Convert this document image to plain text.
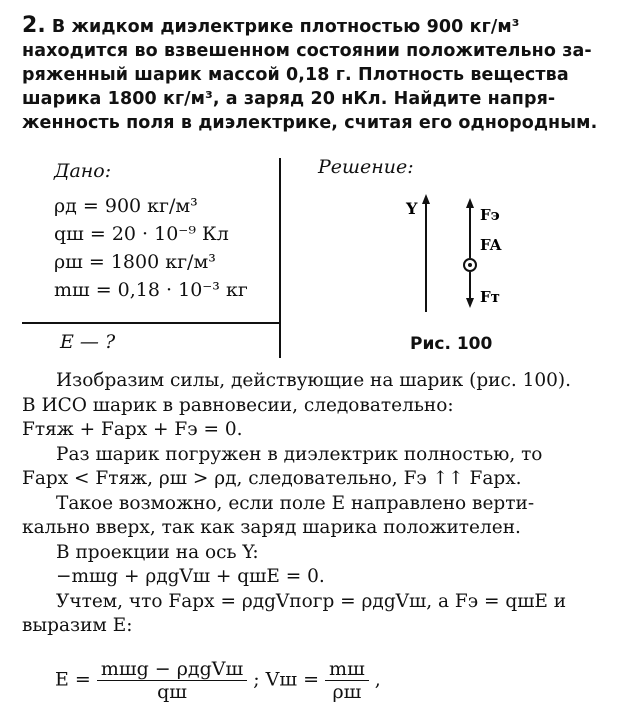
2. В жидком диэлектрике плотностью 900 кг/м³
находится во взвешенном состоянии положительно за-
ряженный шарик массой 0,18 г. Плотность вещества
шарика 1800 кг/м³, а заряд 20 нКл. Найдите напря-
женность поля в диэлектрике, считая его однородным.
Дано:
ρд = 900 кг/м³
qш = 20 · 10⁻⁹ Кл
ρш = 1800 кг/м³
mш = 0,18 · 10⁻³ кг
E — ?
Решение:
Y	Fэ
FA
Fт
Рис. 100

Изобразим силы, действующие на шарик (рис. 100).

В ИСО шарик в равновесии, следовательно:

Fтяж + Fарх + Fэ = 0.

Раз шарик погружен в диэлектрик полностью, то

Fарх < Fтяж, ρш > ρд, следовательно, Fэ ↑↑ Fарх.

Такое возможно, если поле E направлено верти-

кально вверх, так как заряд шарика положителен.

В проекции на ось Y:

−mшg + ρдgVш + qшE = 0.

Учтем, что Fарх = ρдgVпогр = ρдgVш, а Fэ = qшE и

выразим E:

$E = \frac{\text{mшg − ρдgVш}}{qш}$ ; Vш = $\frac{mш}{\rho ш}$ ,
